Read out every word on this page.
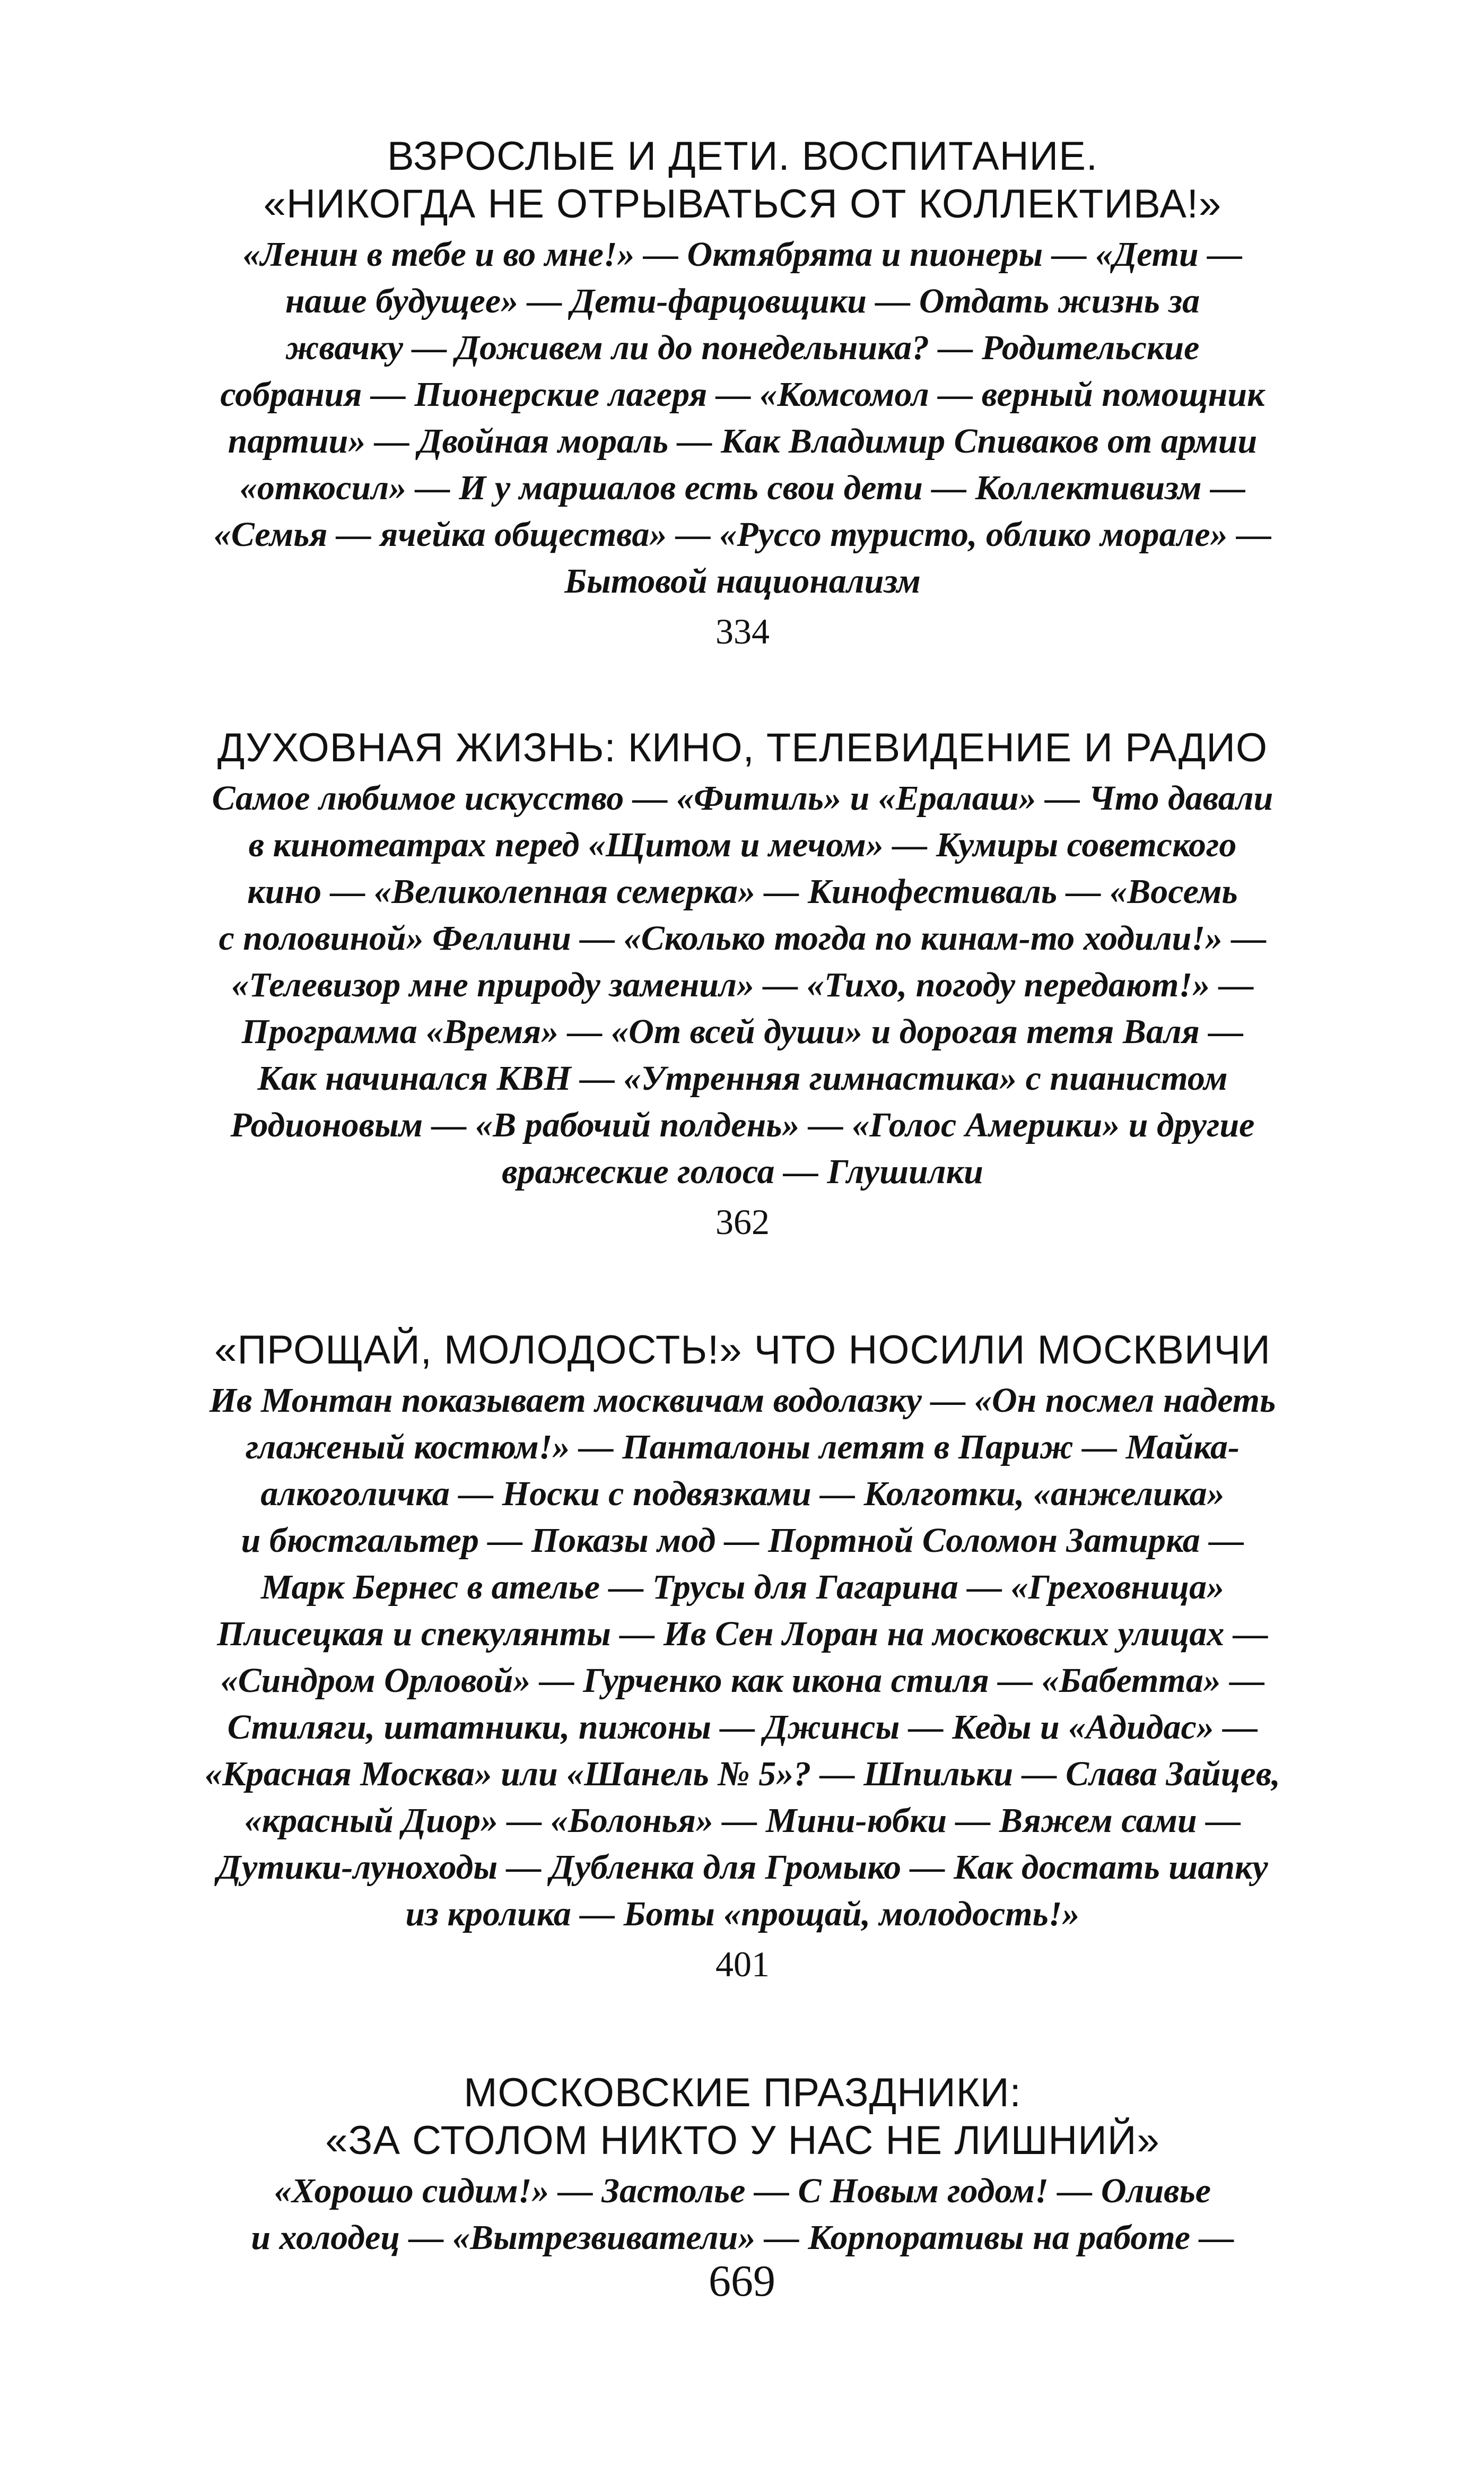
ВЗРОСЛЫЕ И ДЕТИ. ВОСПИТАНИЕ.
«НИКОГДА НЕ ОТРЫВАТЬСЯ ОТ КОЛЛЕКТИВА!»
«Ленин в тебе и во мне!» — Октябрята и пионеры — «Дети —
наше будущее» — Дети-фарцовщики — Отдать жизнь за
жвачку — Доживем ли до понедельника? — Родительские
собрания — Пионерские лагеря — «Комсомол — верный помощник
партии» — Двойная мораль — Как Владимир Спиваков от армии
«откосил» — И у маршалов есть свои дети — Коллективизм —
«Семья — ячейка общества» — «Руссо туристо, облико морале» —
Бытовой национализм
334
ДУХОВНАЯ ЖИЗНЬ: КИНО, ТЕЛЕВИДЕНИЕ И РАДИО
Самое любимое искусство — «Фитиль» и «Ералаш» — Что давали
в кинотеатрах перед «Щитом и мечом» — Кумиры советского
кино — «Великолепная семерка» — Кинофестиваль — «Восемь
с половиной» Феллини — «Сколько тогда по кинам-то ходили!» —
«Телевизор мне природу заменил» — «Тихо, погоду передают!» —
Программа «Время» — «От всей души» и дорогая тетя Валя —
Как начинался КВН — «Утренняя гимнастика» с пианистом
Родионовым — «В рабочий полдень» — «Голос Америки» и другие
вражеские голоса — Глушилки
362
«ПРОЩАЙ, МОЛОДОСТЬ!» ЧТО НОСИЛИ МОСКВИЧИ
Ив Монтан показывает москвичам водолазку — «Он посмел надеть
глаженый костюм!» — Панталоны летят в Париж — Майка-
алкоголичка — Носки с подвязками — Колготки, «анжелика»
и бюстгальтер — Показы мод — Портной Соломон Затирка —
Марк Бернес в ателье — Трусы для Гагарина — «Греховница»
Плисецкая и спекулянты — Ив Сен Лоран на московских улицах —
«Синдром Орловой» — Гурченко как икона стиля — «Бабетта» —
Стиляги, штатники, пижоны — Джинсы — Кеды и «Адидас» —
«Красная Москва» или «Шанель № 5»? — Шпильки — Слава Зайцев,
«красный Диор» — «Болонья» — Мини-юбки — Вяжем сами —
Дутики-луноходы — Дубленка для Громыко — Как достать шапку
из кролика — Боты «прощай, молодость!»
401
МОСКОВСКИЕ ПРАЗДНИКИ:
«ЗА СТОЛОМ НИКТО У НАС НЕ ЛИШНИЙ»
«Хорошо сидим!» — Застолье — С Новым годом! — Оливье
и холодец — «Вытрезвиватели» — Корпоративы на работе —
669
